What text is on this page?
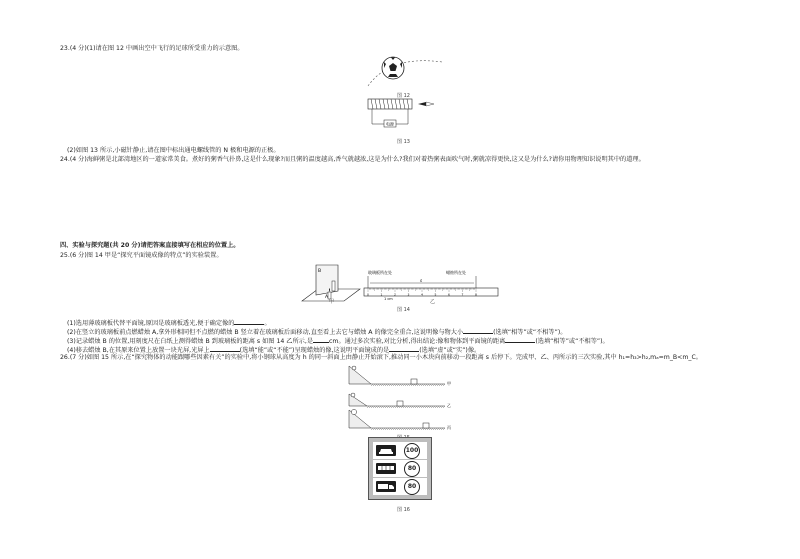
23.(4 分)(1)请在图 12 中画出空中飞行的足球所受重力的示意图。
图 12
电源
图 13
(2)如图 13 所示,小磁针静止,请在图中标出通电螺线管的 N 极和电源的正极。
24.(4 分)海鲜粥是北部湾地区的一道家常美食。煮好的粥香气扑鼻,这是什么现象?而且粥的温度越高,香气就越浓,这是为什么?我们对着热粥表面吹气时,粥就凉得更快,这又是为什么?请你用物理知识说明其中的道理。
四、实验与探究题(共 20 分)请把答案直接填写在相应的位置上。
25.(6 分)图 14 甲是“探究平面镜成像的特点”的实验装置。
B
A
甲
玻璃板所在处	蜡烛所在处
s
0	1	2	3	4	5	6	7	8
1 cm	乙
图 14
(1)选用薄玻璃板代替平面镜,原因是玻璃板透光,便于确定像的	。
(2)在竖立的玻璃板前点燃蜡烛 A,拿外形相同但不点燃的蜡烛 B 竖立着在玻璃板后面移动,直至看上去它与蜡烛 A 的像完全重合,这说明像与物大小	(选填“相等”或“不相等”)。
(3)记录蜡烛 B 的位置,用刻度尺在白纸上测得蜡烛 B 到玻璃板的距离 s 如图 14 乙所示,是	cm。通过多次实验,对比分析,得出结论:像和物体到平面镜的距离	(选填“相等”或“不相等”)。
(4)移去蜡烛 B,在其原来位置上放置一块光屏,光屏上	(选填“能”或“不能”)呈现蜡烛的像,这说明平面镜成的是	(选填“虚”或“实”)像。
26.(7 分)如图 15 所示,在“探究物体的动能跟哪些因素有关”的实验中,将小钢球从高度为 h 的同一斜面上由静止开始滚下,推动同一小木块向前移动一段距离 s 后停下。完成甲、乙、丙所示的三次实验,其中 h₁=h₃>h₂,mₐ=m_B<m_C。
甲
乙
丙
100
80
80
图 16
